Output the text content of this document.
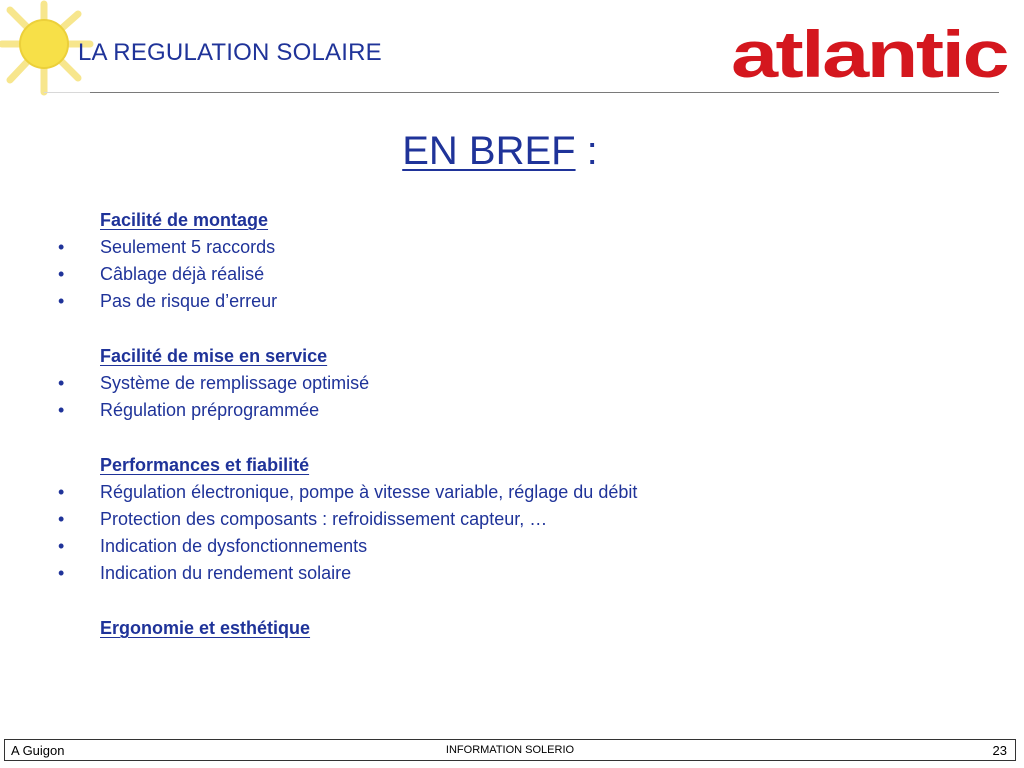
LA REGULATION SOLAIRE	atlantic
EN BREF :
Facilité de montage
•	Seulement 5 raccords
•	Câblage déjà réalisé
•	Pas de risque d’erreur
Facilité de mise en service
•	Système de remplissage optimisé
•	Régulation préprogrammée
Performances et fiabilité
•	Régulation électronique, pompe à vitesse variable, réglage du débit
•	Protection des composants : refroidissement capteur, …
•	Indication de dysfonctionnements
•	Indication du rendement solaire
Ergonomie et esthétique
A Guigon	INFORMATION SOLERIO	23
